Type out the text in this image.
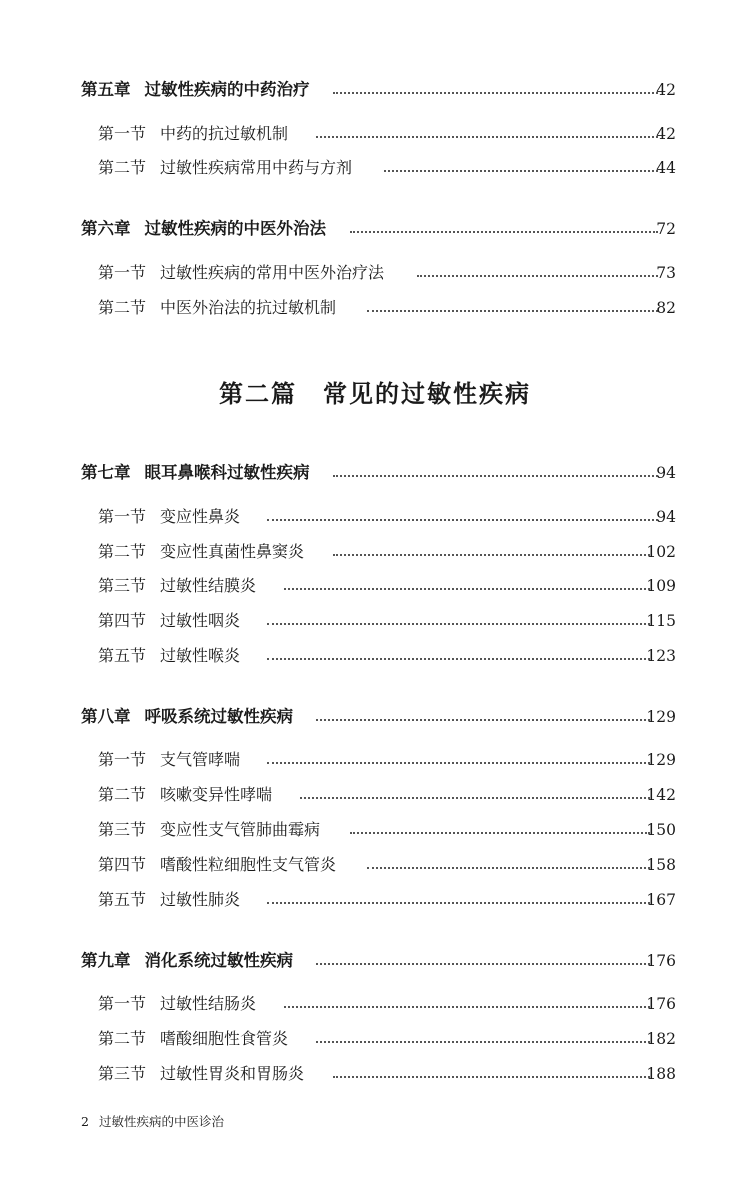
第五章 过敏性疾病的中药治疗	42
第一节 中药的抗过敏机制	42
第二节 过敏性疾病常用中药与方剂	44
第六章 过敏性疾病的中医外治法	72
第一节 过敏性疾病的常用中医外治疗法	73
第二节 中医外治法的抗过敏机制	82
第二篇 常见的过敏性疾病
第七章 眼耳鼻喉科过敏性疾病	94
第一节 变应性鼻炎	94
第二节 变应性真菌性鼻窦炎	102
第三节 过敏性结膜炎	109
第四节 过敏性咽炎	115
第五节 过敏性喉炎	123
第八章 呼吸系统过敏性疾病	129
第一节 支气管哮喘	129
第二节 咳嗽变异性哮喘	142
第三节 变应性支气管肺曲霉病	150
第四节 嗜酸性粒细胞性支气管炎	158
第五节 过敏性肺炎	167
第九章 消化系统过敏性疾病	176
第一节 过敏性结肠炎	176
第二节 嗜酸细胞性食管炎	182
第三节 过敏性胃炎和胃肠炎	188
2 过敏性疾病的中医诊治
